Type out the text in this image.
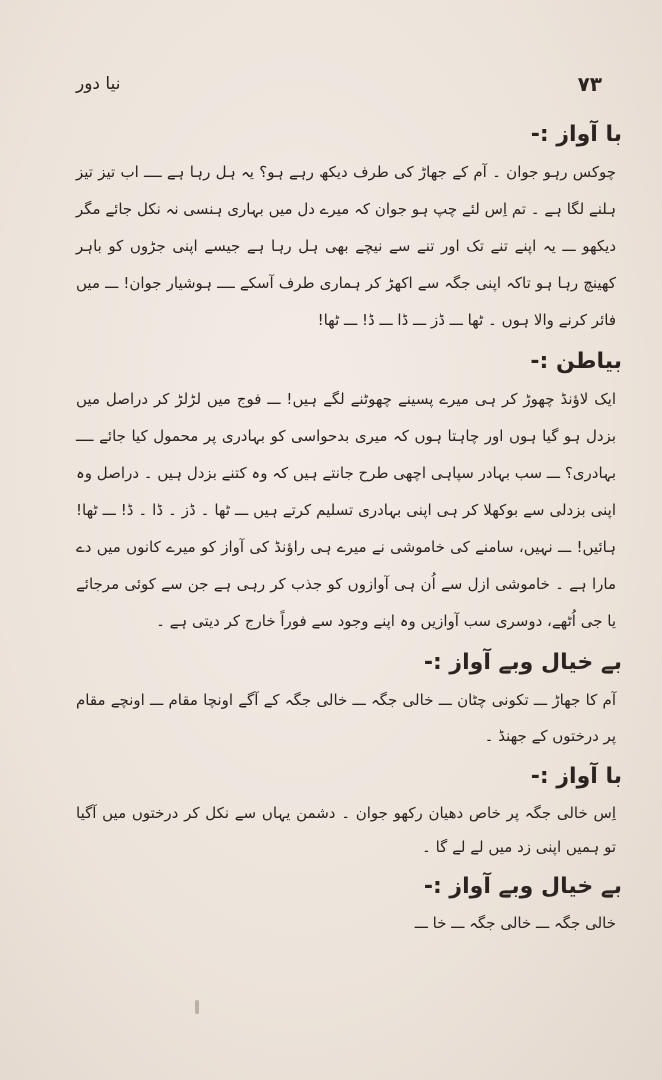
۷۳
نیا دور
با آواز :-

چوکس رہو جوان ۔ آم کے جھاڑ کی طرف دیکھ رہے ہو؟ یہ ہل رہا ہے ــــ اب تیز تیز ہلنے لگا ہے ۔ تم اِس لئے چپ ہو جوان کہ میرے دل میں بہاری ہنسی نہ نکل جائے مگر دیکھو ـــ یہ اپنے تنے تک اور تنے سے نیچے بھی ہل رہا ہے جیسے اپنی جڑوں کو باہر کھینچ رہا ہو تاکہ اپنی جگہ سے اکھڑ کر ہماری طرف آسکے ــــ ہوشیار جوان! ـــ میں فائر کرنے والا ہوں ۔ ٹھا ـــ ڈز ـــ ڈا ـــ ڈ! ـــ ٹھا!

بیاطن :-

ایک لاؤنڈ چھوڑ کر ہی میرے پسینے چھوٹنے لگے ہیں! ـــ فوج میں لڑلڑ کر دراصل میں بزدل ہو گیا ہوں اور چاہتا ہوں کہ میری بدحواسی کو بہادری پر محمول کیا جائے ــــ بہادری؟ ـــ سب بہادر سپاہی اچھی طرح جانتے ہیں کہ وہ کتنے بزدل ہیں ۔ دراصل وہ اپنی بزدلی سے بوکھلا کر ہی اپنی بہادری تسلیم کرتے ہیں ـــ ٹھا ۔ ڈز ۔ ڈا ۔ ڈ! ـــ ٹھا! ہائیں! ـــ نہیں، سامنے کی خاموشی نے میرے ہی راؤنڈ کی آواز کو میرے کانوں میں دے مارا ہے ۔ خاموشی ازل سے اُن ہی آوازوں کو جذب کر رہی ہے جن سے کوئی مرجائے یا جی اُٹھے، دوسری سب آوازیں وہ اپنے وجود سے فوراً خارج کر دیتی ہے ۔

بے خیال وبے آواز :-

آم کا جھاڑ ـــ تکونی چٹان ـــ خالی جگہ ـــ خالی جگہ کے آگے اونچا مقام ـــ اونچے مقام پر درختوں کے جھنڈ ۔

با آواز :-

اِس خالی جگہ پر خاص دھیان رکھو جوان ۔ دشمن یہاں سے نکل کر درختوں میں آگیا تو ہمیں اپنی زد میں لے لے گا ۔

بے خیال وبے آواز :-

خالی جگہ ـــ خالی جگہ ـــ خا ـــ
